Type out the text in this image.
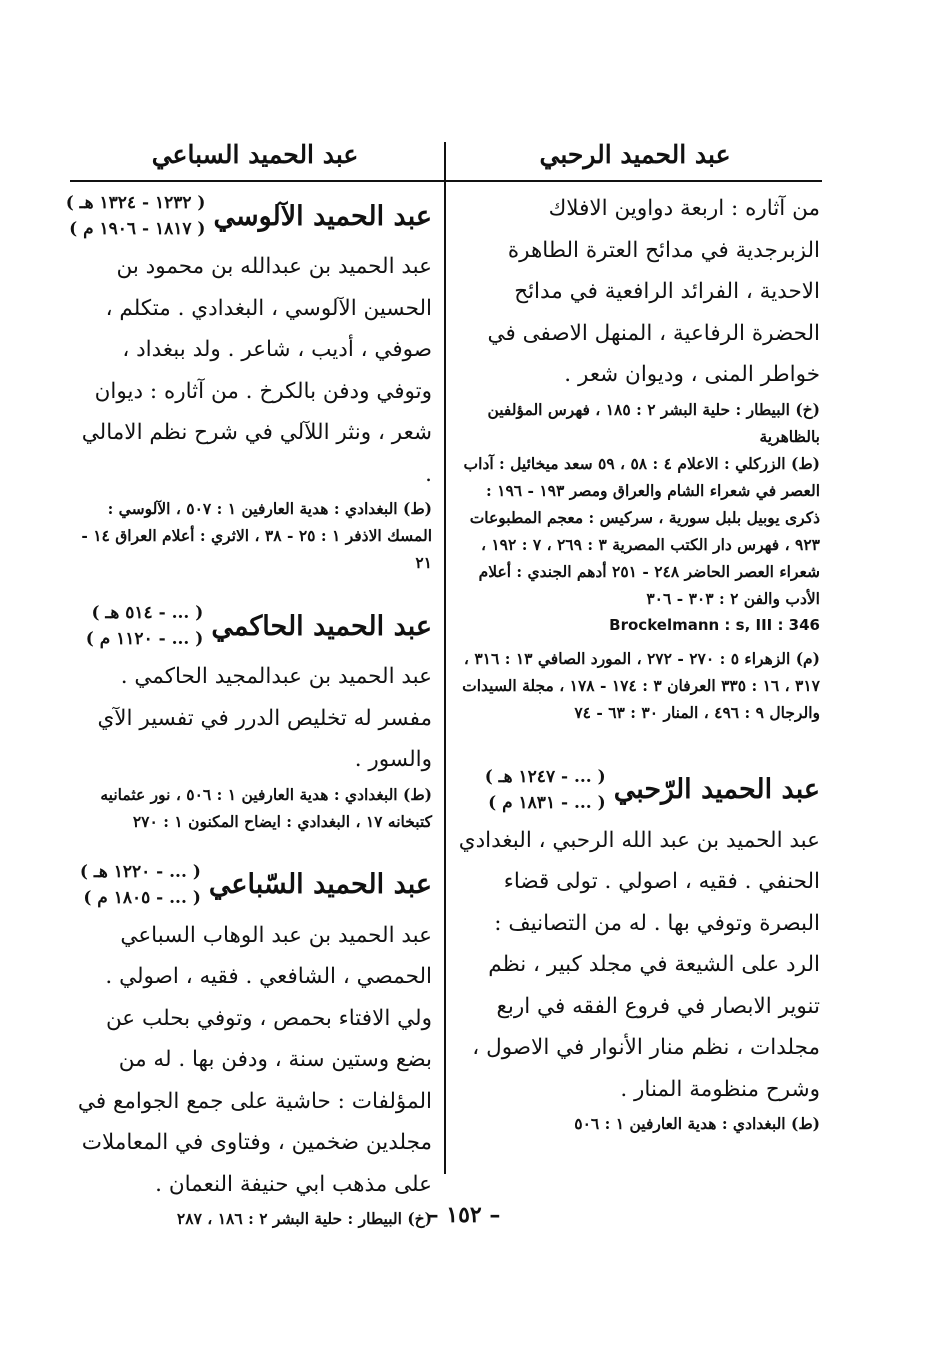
عبد الحميد الرحبي
عبد الحميد السباعي

من آثاره : اربعة دواوين الافلاك الزبرجدية في مدائح العترة الطاهرة الاحدية ، الفرائد الرافعية في مدائح الحضرة الرفاعية ، المنهل الاصفى في خواطر المنى ، وديوان شعر .

(خ) البيطار : حلية البشر ٢ : ١٨٥ ، فهرس المؤلفين بالظاهرية

(ط) الزركلي : الاعلام ٤ : ٥٨ ، ٥٩ سعد ميخائيل : آداب العصر في شعراء الشام والعراق ومصر ١٩٣ - ١٩٦ : ذكرى يوبيل بلبل سورية ، سركيس : معجم المطبوعات ٩٢٣ ، فهرس دار الكتب المصرية ٣ : ٢٦٩ ، ٧ : ١٩٢ ، شعراء العصر الحاضر ٢٤٨ - ٢٥١ أدهم الجندي : أعلام الأدب والفن ٢ : ٣٠٣ - ٣٠٦

Brockelmann : s, III : 346

(م) الزهراء ٥ : ٢٧٠ - ٢٧٢ ، المورد الصافي ١٣ : ٣١٦ ، ٣١٧ ، ١٦ : ٣٣٥ العرفان ٣ : ١٧٤ - ١٧٨ ، مجلة السيدات والرجال ٩ : ٤٩٦ ، المنار ٣٠ : ٦٣ - ٧٤

عبد الحميد الرّحبي
( ... - ١٢٤٧ هـ )
( ... - ١٨٣١ م )

عبد الحميد بن عبد الله الرحبي ، البغدادي الحنفي . فقيه ، اصولي . تولى قضاء البصرة وتوفي بها . له من التصانيف : الرد على الشيعة في مجلد كبير ، نظم تنوير الابصار في فروع الفقه في اربع مجلدات ، نظم منار الأنوار في الاصول ، وشرح منظومة المنار .

(ط) البغدادي : هدية العارفين ١ : ٥٠٦

عبد الحميد الآلوسي
( ١٢٣٢ - ١٣٢٤ هـ )
( ١٨١٧ - ١٩٠٦ م )

عبد الحميد بن عبدالله بن محمود بن الحسين الآلوسي ، البغدادي . متكلم ، صوفي ، أديب ، شاعر . ولد ببغداد ، وتوفي ودفن بالكرخ . من آثاره : ديوان شعر ، ونثر اللآلي في شرح نظم الامالي .

(ط) البغدادي : هدية العارفين ١ : ٥٠٧ ، الآلوسي : المسك الاذفر ١ : ٢٥ - ٣٨ ، الاثري : أعلام العراق ١٤ - ٢١

عبد الحميد الحاكمي
( ... - ٥١٤ هـ )
( ... - ١١٢٠ م )

عبد الحميد بن عبدالمجيد الحاكمي . مفسر له تخليص الدرر في تفسير الآي والسور .

(ط) البغدادي : هدية العارفين ١ : ٥٠٦ ، نور عثمانيه كتبخانه ١٧ ، البغدادي : ايضاح المكنون ١ : ٢٧٠

عبد الحميد السّباعي
( ... - ١٢٢٠ هـ )
( ... - ١٨٠٥ م )

عبد الحميد بن عبد الوهاب السباعي الحمصي ، الشافعي . فقيه ، اصولي . ولي الافتاء بحمص ، وتوفي بحلب عن بضع وستين سنة ، ودفن بها . له من المؤلفات : حاشية على جمع الجوامع في مجلدين ضخمين ، وفتاوى في المعاملات على مذهب ابي حنيفة النعمان .

(خ) البيطار : حلية البشر ٢ : ١٨٦ ، ٢٨٧

– ١٥٢ –
